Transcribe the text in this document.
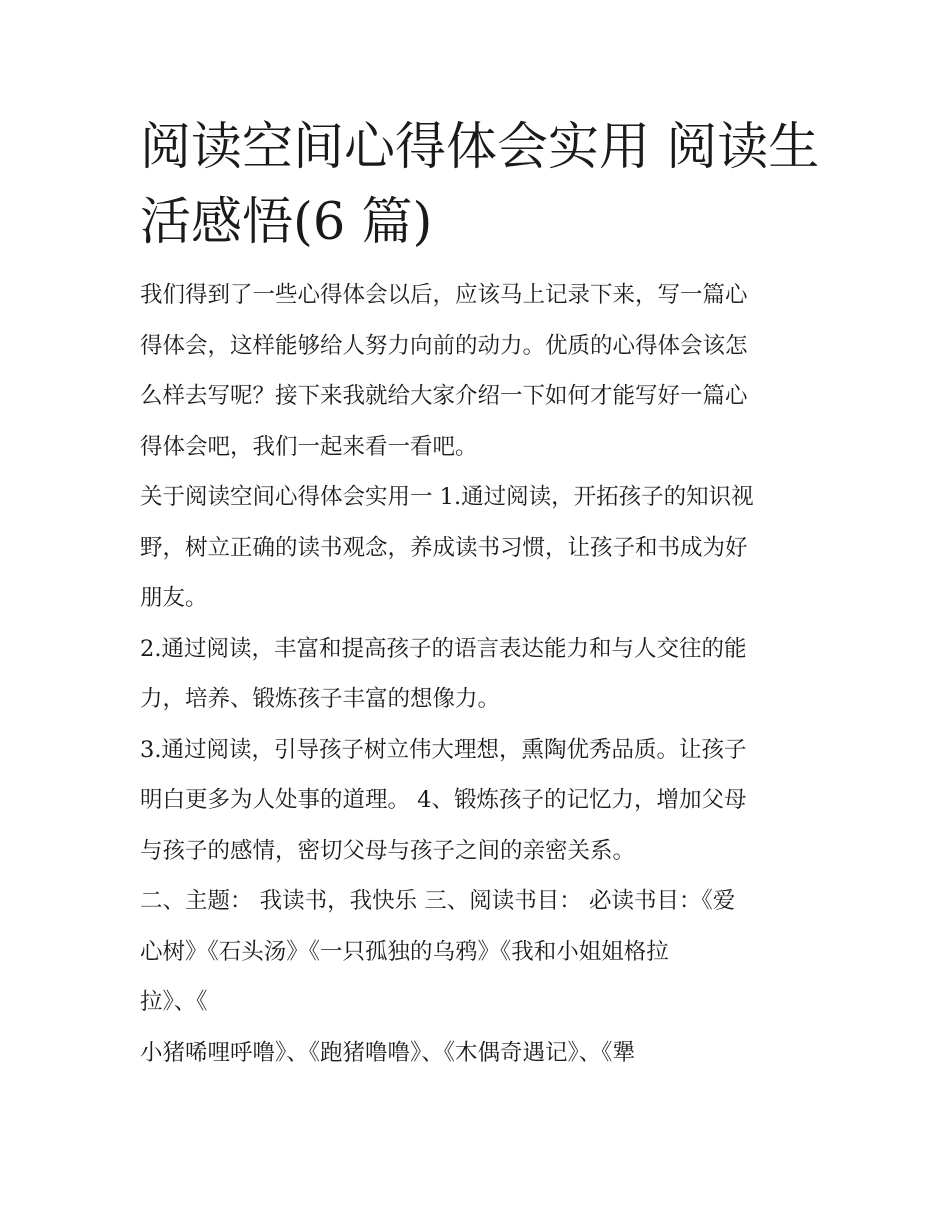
阅读空间心得体会实用 阅读生
活感悟(6 篇)

我们得到了一些心得体会以后，应该马上记录下来，写一篇心
得体会，这样能够给人努力向前的动力。优质的心得体会该怎
么样去写呢？接下来我就给大家介绍一下如何才能写好一篇心
得体会吧，我们一起来看一看吧。

关于阅读空间心得体会实用一 1.通过阅读，开拓孩子的知识视
野，树立正确的读书观念，养成读书习惯，让孩子和书成为好
朋友。

2.通过阅读，丰富和提高孩子的语言表达能力和与人交往的能
力，培养、锻炼孩子丰富的想像力。

3.通过阅读，引导孩子树立伟大理想，熏陶优秀品质。让孩子
明白更多为人处事的道理。 4、锻炼孩子的记忆力，增加父母
与孩子的感情，密切父母与孩子之间的亲密关系。

二、主题： 我读书，我快乐 三、阅读书目： 必读书目：《爱
心树》《石头汤》《一只孤独的乌鸦》《我和小姐姐格拉
拉》、《
小猪唏哩呼噜》、《跑猪噜噜》、《木偶奇遇记》、《犟
